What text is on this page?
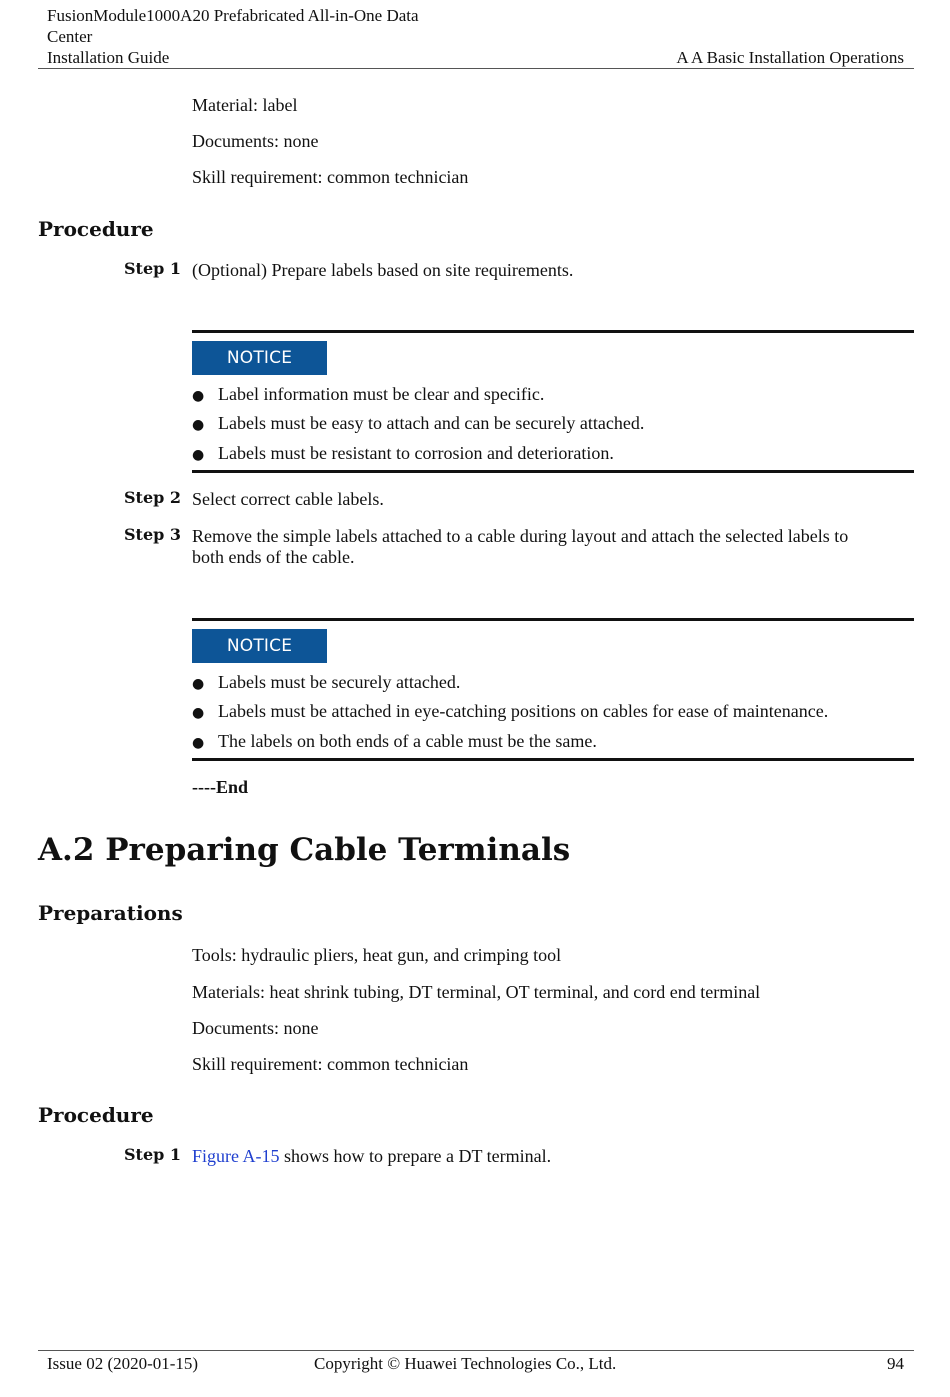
FusionModule1000A20 Prefabricated All-in-One Data
Center
Installation Guide	A A Basic Installation Operations
Material: label
Documents: none
Skill requirement: common technician
Procedure
Step 1 (Optional) Prepare labels based on site requirements.
NOTICE
● Label information must be clear and specific.
● Labels must be easy to attach and can be securely attached.
● Labels must be resistant to corrosion and deterioration.
Step 2 Select correct cable labels.
Step 3 Remove the simple labels attached to a cable during layout and attach the selected labels to
both ends of the cable.
NOTICE
● Labels must be securely attached.
● Labels must be attached in eye-catching positions on cables for ease of maintenance.
● The labels on both ends of a cable must be the same.
----End
A.2 Preparing Cable Terminals
Preparations
Tools: hydraulic pliers, heat gun, and crimping tool
Materials: heat shrink tubing, DT terminal, OT terminal, and cord end terminal
Documents: none
Skill requirement: common technician
Procedure
Step 1 Figure A-15 shows how to prepare a DT terminal.
Issue 02 (2020-01-15)	Copyright © Huawei Technologies Co., Ltd.	94
